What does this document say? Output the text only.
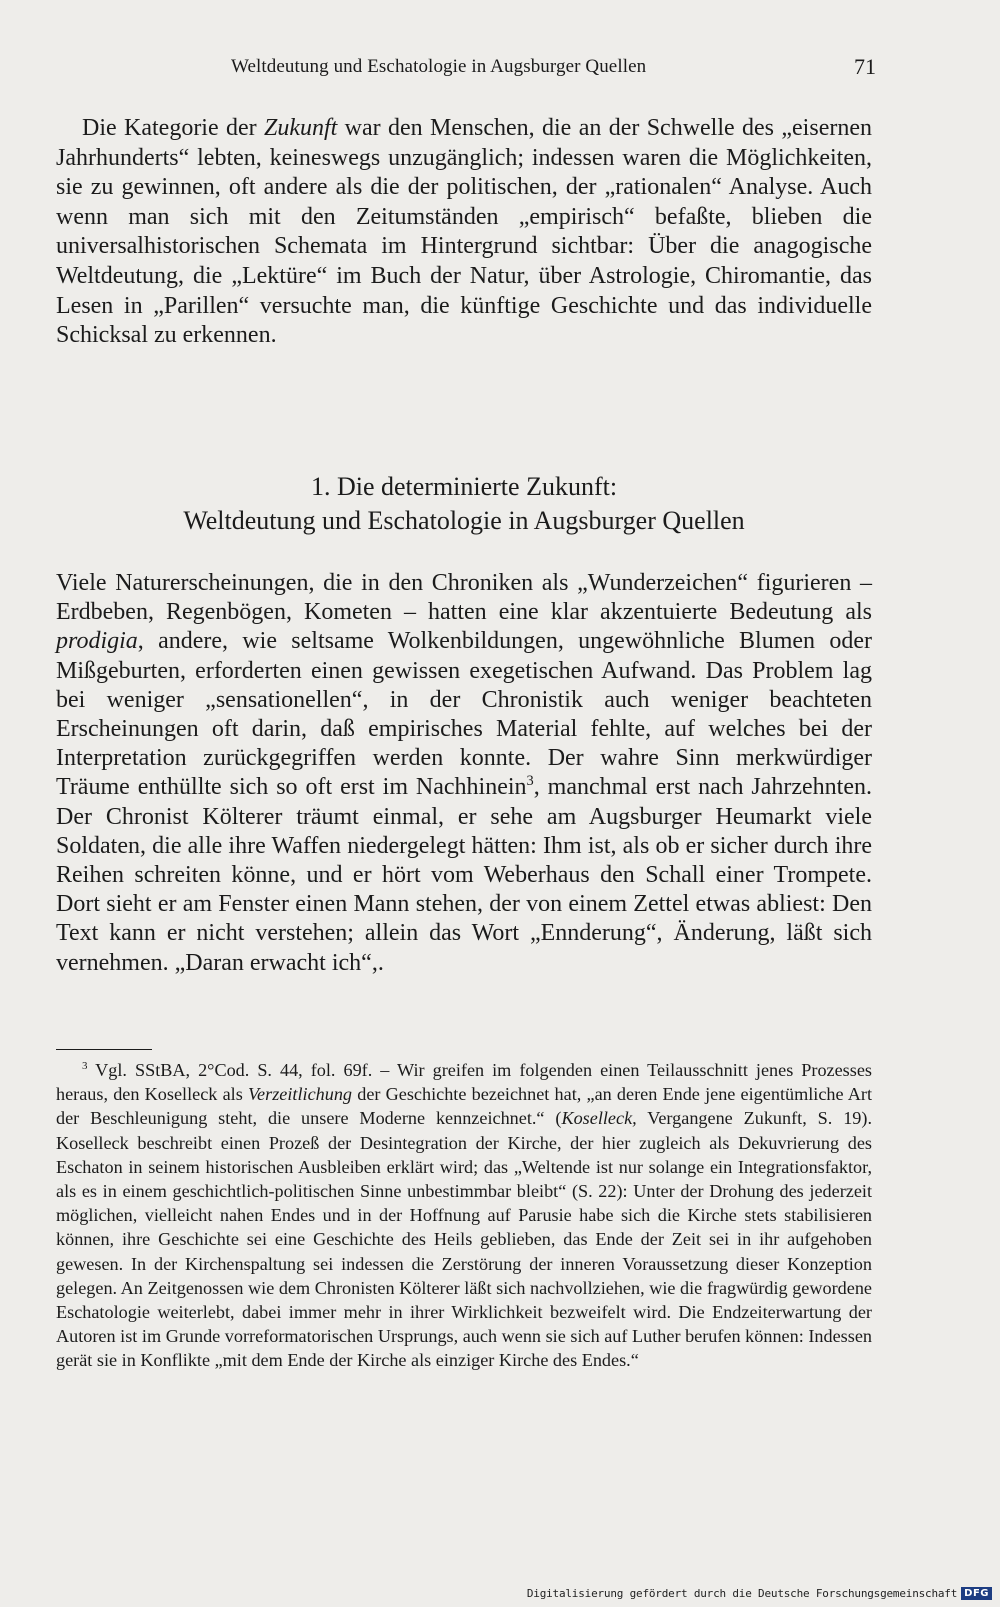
Weltdeutung und Eschatologie in Augsburger Quellen	71

Die Kategorie der Zukunft war den Menschen, die an der Schwelle des „eisernen Jahrhunderts“ lebten, keineswegs unzugänglich; indessen waren die Möglichkeiten, sie zu gewinnen, oft andere als die der politischen, der „rationalen“ Analyse. Auch wenn man sich mit den Zeitumständen „empirisch“ befaßte, blieben die universalhistorischen Schemata im Hintergrund sichtbar: Über die anagogische Weltdeutung, die „Lektüre“ im Buch der Natur, über Astrologie, Chiromantie, das Lesen in „Parillen“ versuchte man, die künftige Geschichte und das individuelle Schicksal zu erkennen.

1. Die determinierte Zukunft:
Weltdeutung und Eschatologie in Augsburger Quellen

Viele Naturerscheinungen, die in den Chroniken als „Wunderzeichen“ figurieren – Erdbeben, Regenbögen, Kometen – hatten eine klar akzentuierte Bedeutung als prodigia, andere, wie seltsame Wolkenbildungen, ungewöhnliche Blumen oder Mißgeburten, erforderten einen gewissen exegetischen Aufwand. Das Problem lag bei weniger „sensationellen“, in der Chronistik auch weniger beachteten Erscheinungen oft darin, daß empirisches Material fehlte, auf welches bei der Interpretation zurückgegriffen werden konnte. Der wahre Sinn merkwürdiger Träume enthüllte sich so oft erst im Nachhinein$^3$, manchmal erst nach Jahrzehnten. Der Chronist Költerer träumt einmal, er sehe am Augsburger Heumarkt viele Soldaten, die alle ihre Waffen niedergelegt hätten: Ihm ist, als ob er sicher durch ihre Reihen schreiten könne, und er hört vom Weberhaus den Schall einer Trompete. Dort sieht er am Fenster einen Mann stehen, der von einem Zettel etwas abliest: Den Text kann er nicht verstehen; allein das Wort „Ennderung“, Änderung, läßt sich vernehmen. „Daran erwacht ich“,.

$^3$ Vgl. SStBA, 2°Cod. S. 44, fol. 69f. – Wir greifen im folgenden einen Teilausschnitt jenes Prozesses heraus, den Koselleck als Verzeitlichung der Geschichte bezeichnet hat, „an deren Ende jene eigentümliche Art der Beschleunigung steht, die unsere Moderne kennzeichnet.“ (Koselleck, Vergangene Zukunft, S. 19). Koselleck beschreibt einen Prozeß der Desintegration der Kirche, der hier zugleich als Dekuvrierung des Eschaton in seinem historischen Ausbleiben erklärt wird; das „Weltende ist nur solange ein Integrationsfaktor, als es in einem geschichtlich-politischen Sinne unbestimmbar bleibt“ (S. 22): Unter der Drohung des jederzeit möglichen, vielleicht nahen Endes und in der Hoffnung auf Parusie habe sich die Kirche stets stabilisieren können, ihre Geschichte sei eine Geschichte des Heils geblieben, das Ende der Zeit sei in ihr aufgehoben gewesen. In der Kirchenspaltung sei indessen die Zerstörung der inneren Voraussetzung dieser Konzeption gelegen. An Zeitgenossen wie dem Chronisten Költerer läßt sich nachvollziehen, wie die fragwürdig gewordene Eschatologie weiterlebt, dabei immer mehr in ihrer Wirklichkeit bezweifelt wird. Die Endzeiterwartung der Autoren ist im Grunde vorreformatorischen Ursprungs, auch wenn sie sich auf Luther berufen können: Indessen gerät sie in Konflikte „mit dem Ende der Kirche als einziger Kirche des Endes.“

Digitalisierung gefördert durch die Deutsche Forschungsgemeinschaft DFG
